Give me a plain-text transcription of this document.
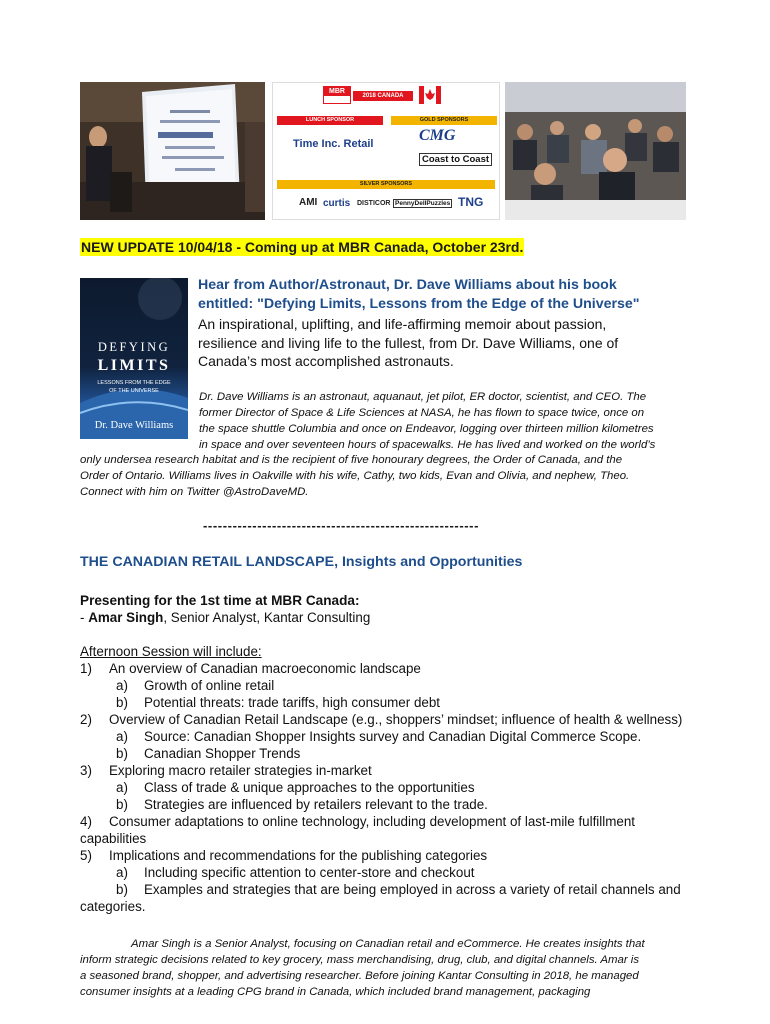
MBR
2018 CANADA
LUNCH SPONSOR	GOLD SPONSORS
Time Inc. Retail	CMG
Coast to Coast
SILVER SPONSORS
AMI curtis DISTICOR PennyDellPuzzles TNG
NEW UPDATE 10/04/18 - Coming up at MBR Canada, October 23rd.
DEFYING
LIMITS
LESSONS FROM THE EDGE
OF THE UNIVERSE
Dr. Dave Williams
Hear from Author/Astronaut, Dr. Dave Williams about his book
entitled: "Defying Limits, Lessons from the Edge of the Universe"
An inspirational, uplifting, and life-affirming memoir about passion,
resilience and living life to the fullest, from Dr. Dave Williams, one of
Canada’s most accomplished astronauts.
Dr. Dave Williams is an astronaut, aquanaut, jet pilot, ER doctor, scientist, and CEO. The
former Director of Space & Life Sciences at NASA, he has flown to space twice, once on
the space shuttle Columbia and once on Endeavor, logging over thirteen million kilometres
in space and over seventeen hours of spacewalks. He has lived and worked on the world’s
only undersea research habitat and is the recipient of five honourary degrees, the Order of Canada, and the
Order of Ontario. Williams lives in Oakville with his wife, Cathy, two kids, Evan and Olivia, and nephew, Theo.
Connect with him on Twitter @AstroDaveMD.
--------------------------------------------------------
THE CANADIAN RETAIL LANDSCAPE, Insights and Opportunities
Presenting for the 1st time at MBR Canada:
- Amar Singh, Senior Analyst, Kantar Consulting
Afternoon Session will include:
1) An overview of Canadian macroeconomic landscape
a) Growth of online retail
b) Potential threats: trade tariffs, high consumer debt
2) Overview of Canadian Retail Landscape (e.g., shoppers’ mindset; influence of health & wellness)
a) Source: Canadian Shopper Insights survey and Canadian Digital Commerce Scope.
b) Canadian Shopper Trends
3) Exploring macro retailer strategies in-market
a) Class of trade & unique approaches to the opportunities
b) Strategies are influenced by retailers relevant to the trade.
4) Consumer adaptations to online technology, including development of last-mile fulfillment
capabilities
5) Implications and recommendations for the publishing categories
a) Including specific attention to center-store and checkout
b) Examples and strategies that are being employed in across a variety of retail channels and
categories.
Amar Singh is a Senior Analyst, focusing on Canadian retail and eCommerce. He creates insights that
inform strategic decisions related to key grocery, mass merchandising, drug, club, and digital channels. Amar is
a seasoned brand, shopper, and advertising researcher. Before joining Kantar Consulting in 2018, he managed
consumer insights at a leading CPG brand in Canada, which included brand management, packaging
